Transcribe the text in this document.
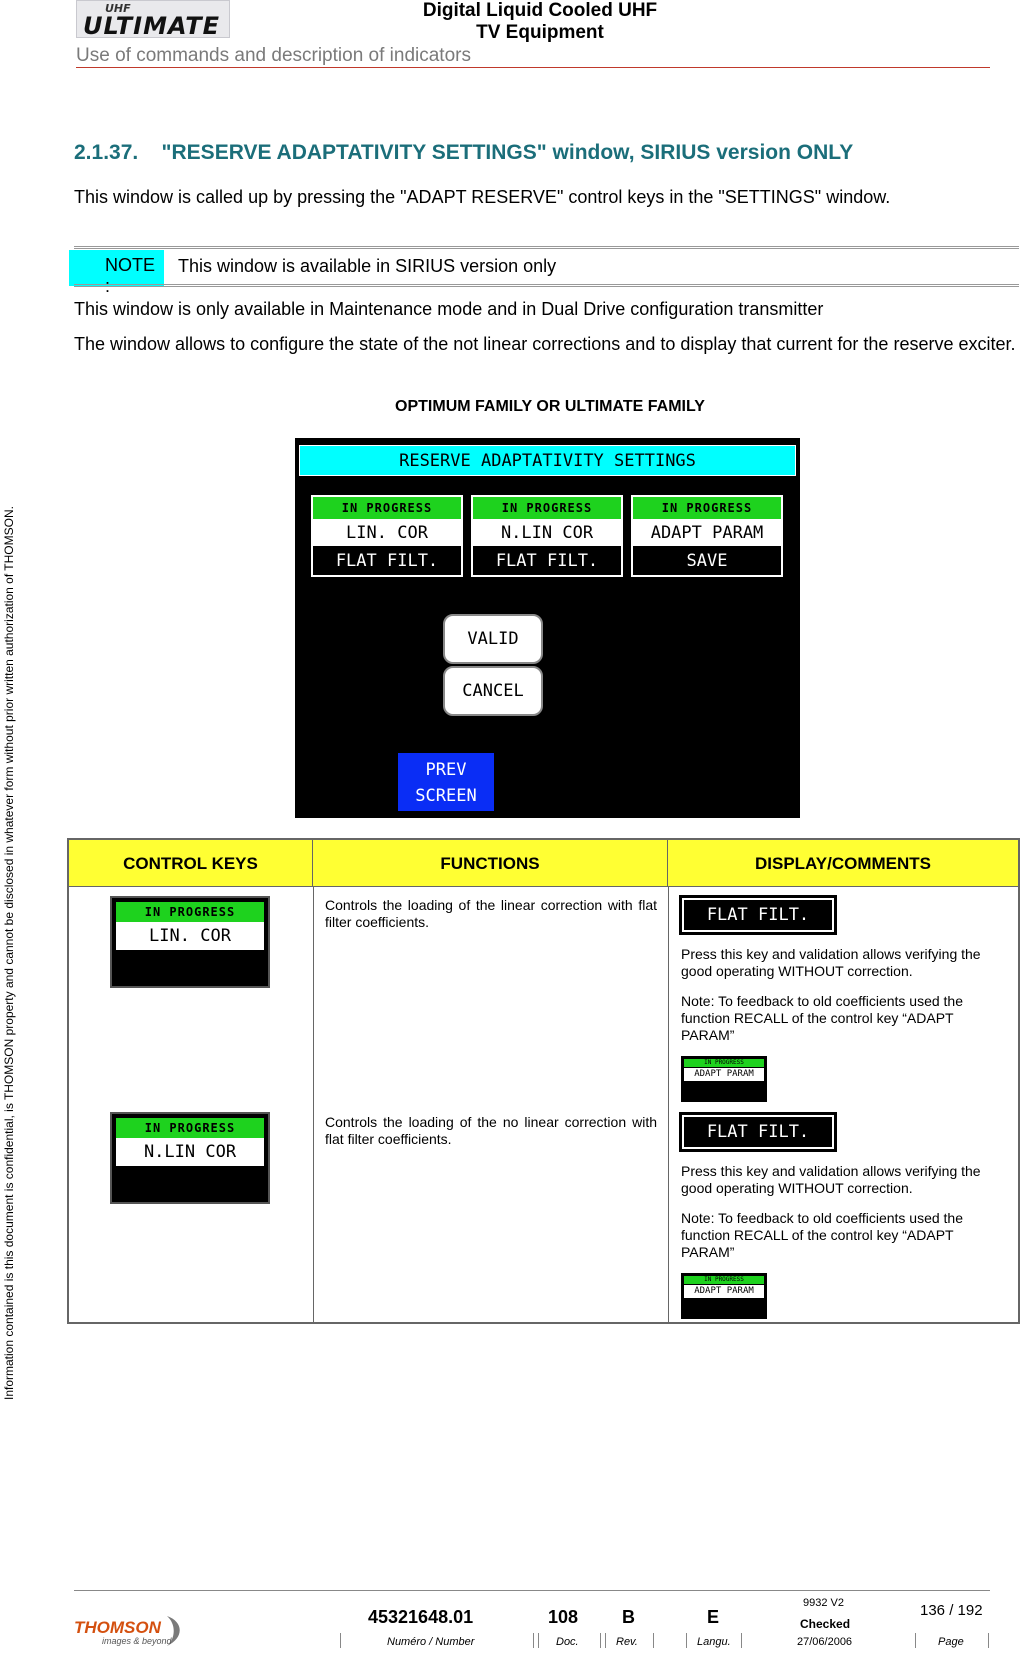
UHF
ULTIMATE
Digital Liquid Cooled UHF
TV Equipment
Use of commands and description of indicators
Information contained is this document is confidential, is THOMSON property and cannot be disclosed in whatever form without prior written authorization of THOMSON.
2.1.37.    "RESERVE ADAPTATIVITY SETTINGS" window, SIRIUS version ONLY
This window is called up by pressing the "ADAPT RESERVE" control keys in the "SETTINGS" window.
NOTE :
This window is available in SIRIUS version only
This window is only available in Maintenance mode and in Dual Drive configuration transmitter
The window allows to configure the state of the not linear corrections and to display that current for the reserve exciter.
OPTIMUM FAMILY OR ULTIMATE FAMILY
RESERVE ADAPTATIVITY SETTINGS
IN PROGRESS
LIN. COR
FLAT FILT.
IN PROGRESS
N.LIN COR
FLAT FILT.
IN PROGRESS
ADAPT PARAM
SAVE
VALID
CANCEL
PREV
SCREEN
CONTROL KEYS	FUNCTIONS	DISPLAY/COMMENTS
IN PROGRESS
LIN. COR
Controls the loading of the linear correction with flat filter coefficients.	FLAT FILT.
Press this key and validation allows verifying the good operating WITHOUT correction.
Note: To feedback to old coefficients used the function RECALL of the control key “ADAPT PARAM”
IN PROGRESS
ADAPT PARAM
IN PROGRESS
N.LIN COR
Controls the loading of the no linear correction with flat filter coefficients.	FLAT FILT.
Press this key and validation allows verifying the good operating WITHOUT correction.
Note: To feedback to old coefficients used the function RECALL of the control key “ADAPT PARAM”
IN PROGRESS
ADAPT PARAM
THOMSON
images & beyond
45321648.01	108 B	E
9932 V2
Checked
136 / 192
Numéro / Number	Doc.	Rev.	Langu.	27/06/2006	Page
